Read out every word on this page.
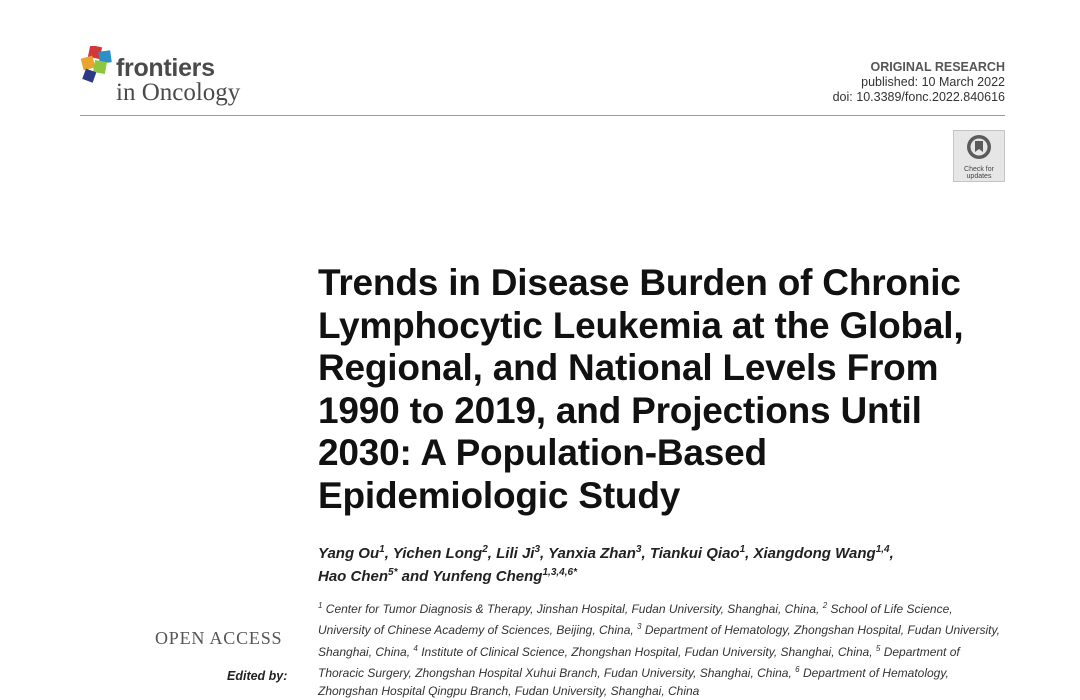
frontiers
in Oncology
ORIGINAL RESEARCH
published: 10 March 2022
doi: 10.3389/fonc.2022.840616
Check for
updates
Trends in Disease Burden of Chronic Lymphocytic Leukemia at the Global, Regional, and National Levels From 1990 to 2019, and Projections Until 2030: A Population-Based Epidemiologic Study
Yang Ou$^1$, Yichen Long$^2$, Lili Ji$^3$, Yanxia Zhan$^3$, Tiankui Qiao$^1$, Xiangdong Wang$^{1,4}$,
Hao Chen$^{5*}$ and Yunfeng Cheng$^{1,3,4,6*}$
$^1$ Center for Tumor Diagnosis & Therapy, Jinshan Hospital, Fudan University, Shanghai, China, $^2$ School of Life Science, University of Chinese Academy of Sciences, Beijing, China, $^3$ Department of Hematology, Zhongshan Hospital, Fudan University, Shanghai, China, $^4$ Institute of Clinical Science, Zhongshan Hospital, Fudan University, Shanghai, China, $^5$ Department of Thoracic Surgery, Zhongshan Hospital Xuhui Branch, Fudan University, Shanghai, China, $^6$ Department of Hematology, Zhongshan Hospital Qingpu Branch, Fudan University, Shanghai, China
OPEN ACCESS
Edited by:
